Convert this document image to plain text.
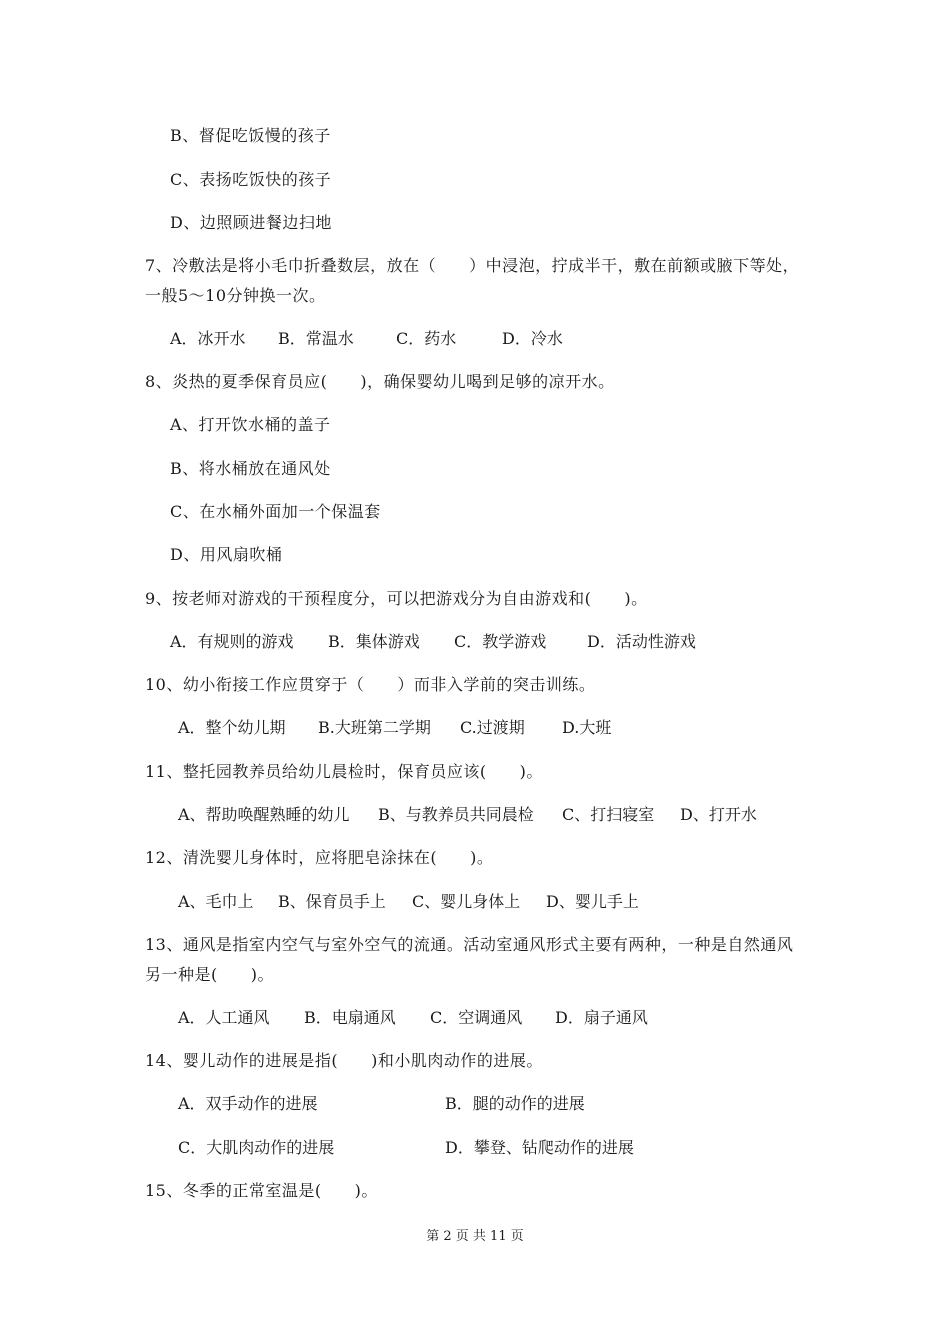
B、督促吃饭慢的孩子
C、表扬吃饭快的孩子
D、边照顾进餐边扫地
7、冷敷法是将小毛巾折叠数层，放在（　　）中浸泡，拧成半干，敷在前额或腋下等处，
一般5～10分钟换一次。

A．冰开水

B．常温水

	C．药水

	D．冷水

8、炎热的夏季保育员应(　　)，确保婴幼儿喝到足够的凉开水。
A、打开饮水桶的盖子
B、将水桶放在通风处
C、在水桶外面加一个保温套
D、用风扇吹桶
9、按老师对游戏的干预程度分，可以把游戏分为自由游戏和(　　)。

A．有规则的游戏

B．集体游戏

C．教学游戏

	D．活动性游戏

10、幼小衔接工作应贯穿于（　　）而非入学前的突击训练。

A．整个幼儿期

B.大班第二学期

C.过渡期

D.大班

11、整托园教养员给幼儿晨检时，保育员应该(　　)。

A、帮助唤醒熟睡的幼儿

B、与教养员共同晨检

C、打扫寝室

D、打开水

12、清洗婴儿身体时，应将肥皂涂抹在(　　)。

A、毛巾上

B、保育员手上

C、婴儿身体上

D、婴儿手上

13、通风是指室内空气与室外空气的流通。活动室通风形式主要有两种，一种是自然通风
另一种是(　　)。

A．人工通风

B．电扇通风

C．空调通风

D．扇子通风

14、婴儿动作的进展是指(　　)和小肌肉动作的进展。

A．双手动作的进展

	B．腿的动作的进展

C．大肌肉动作的进展

	D．攀登、钻爬动作的进展

15、冬季的正常室温是(　　)。
第 2 页 共 11 页
